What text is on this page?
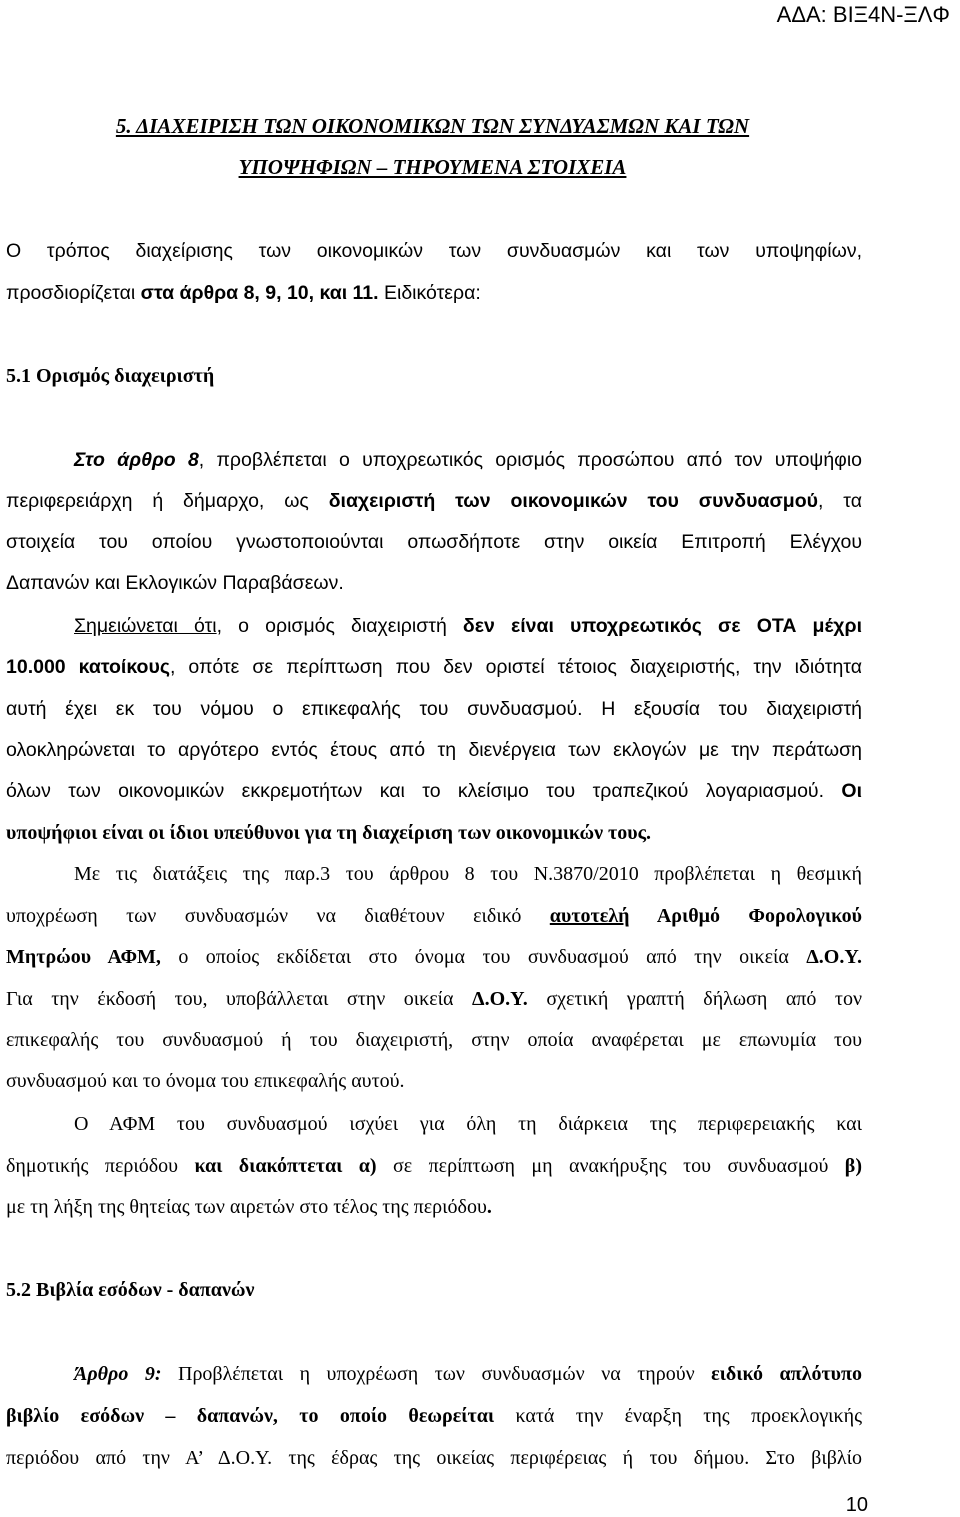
ΑΔΑ: ΒΙΞ4Ν-ΞΛΦ
5. ΔΙΑΧΕΙΡΙΣΗ ΤΩΝ ΟΙΚΟΝΟΜΙΚΩΝ ΤΩΝ ΣΥΝΔΥΑΣΜΩΝ ΚΑΙ ΤΩΝ
ΥΠΟΨΗΦΙΩΝ – ΤΗΡΟΥΜΕΝΑ ΣΤΟΙΧΕΙΑ
Ο τρόπος διαχείρισης των οικονομικών των συνδυασμών και των υποψηφίων,
προσδιορίζεται στα άρθρα 8, 9, 10, και 11. Ειδικότερα:
5.1 Ορισμός διαχειριστή
Στο άρθρο 8, προβλέπεται ο υποχρεωτικός ορισμός προσώπου από τον υποψήφιο
περιφερειάρχη ή δήμαρχο, ως διαχειριστή των οικονομικών του συνδυασμού, τα
στοιχεία του οποίου γνωστοποιούνται οπωσδήποτε στην οικεία Επιτροπή Ελέγχου
Δαπανών και Εκλογικών Παραβάσεων.
Σημειώνεται ότι, ο ορισμός διαχειριστή δεν είναι υποχρεωτικός σε ΟΤΑ μέχρι
10.000 κατοίκους, οπότε σε περίπτωση που δεν οριστεί τέτοιος διαχειριστής, την ιδιότητα
αυτή έχει εκ του νόμου ο επικεφαλής του συνδυασμού. Η εξουσία του διαχειριστή
ολοκληρώνεται το αργότερο εντός έτους από τη διενέργεια των εκλογών με την περάτωση
όλων των οικονομικών εκκρεμοτήτων και το κλείσιμο του τραπεζικού λογαριασμού. Οι
υποψήφιοι είναι οι ίδιοι υπεύθυνοι για τη διαχείριση των οικονομικών τους.
Με τις διατάξεις της παρ.3 του άρθρου 8 του Ν.3870/2010 προβλέπεται η θεσμική
υποχρέωση των συνδυασμών να διαθέτουν ειδικό αυτοτελή Αριθμό Φορολογικού
Μητρώου ΑΦΜ, ο οποίος εκδίδεται στο όνομα του συνδυασμού από την οικεία Δ.Ο.Υ.
Για την έκδοσή του, υποβάλλεται στην οικεία Δ.Ο.Υ. σχετική γραπτή δήλωση από τον
επικεφαλής του συνδυασμού ή του διαχειριστή, στην οποία αναφέρεται με επωνυμία του
συνδυασμού και το όνομα του επικεφαλής αυτού.
Ο ΑΦΜ του συνδυασμού ισχύει για όλη τη διάρκεια της περιφερειακής και
δημοτικής περιόδου και διακόπτεται α) σε περίπτωση μη ανακήρυξης του συνδυασμού β)
με τη λήξη της θητείας των αιρετών στο τέλος της περιόδου.
5.2 Βιβλία εσόδων - δαπανών
Άρθρο 9: Προβλέπεται η υποχρέωση των συνδυασμών να τηρούν ειδικό απλότυπο
βιβλίο εσόδων – δαπανών, το οποίο θεωρείται κατά την έναρξη της προεκλογικής
περιόδου από την Α’ Δ.Ο.Υ. της έδρας της οικείας περιφέρειας ή του δήμου. Στο βιβλίο
10
